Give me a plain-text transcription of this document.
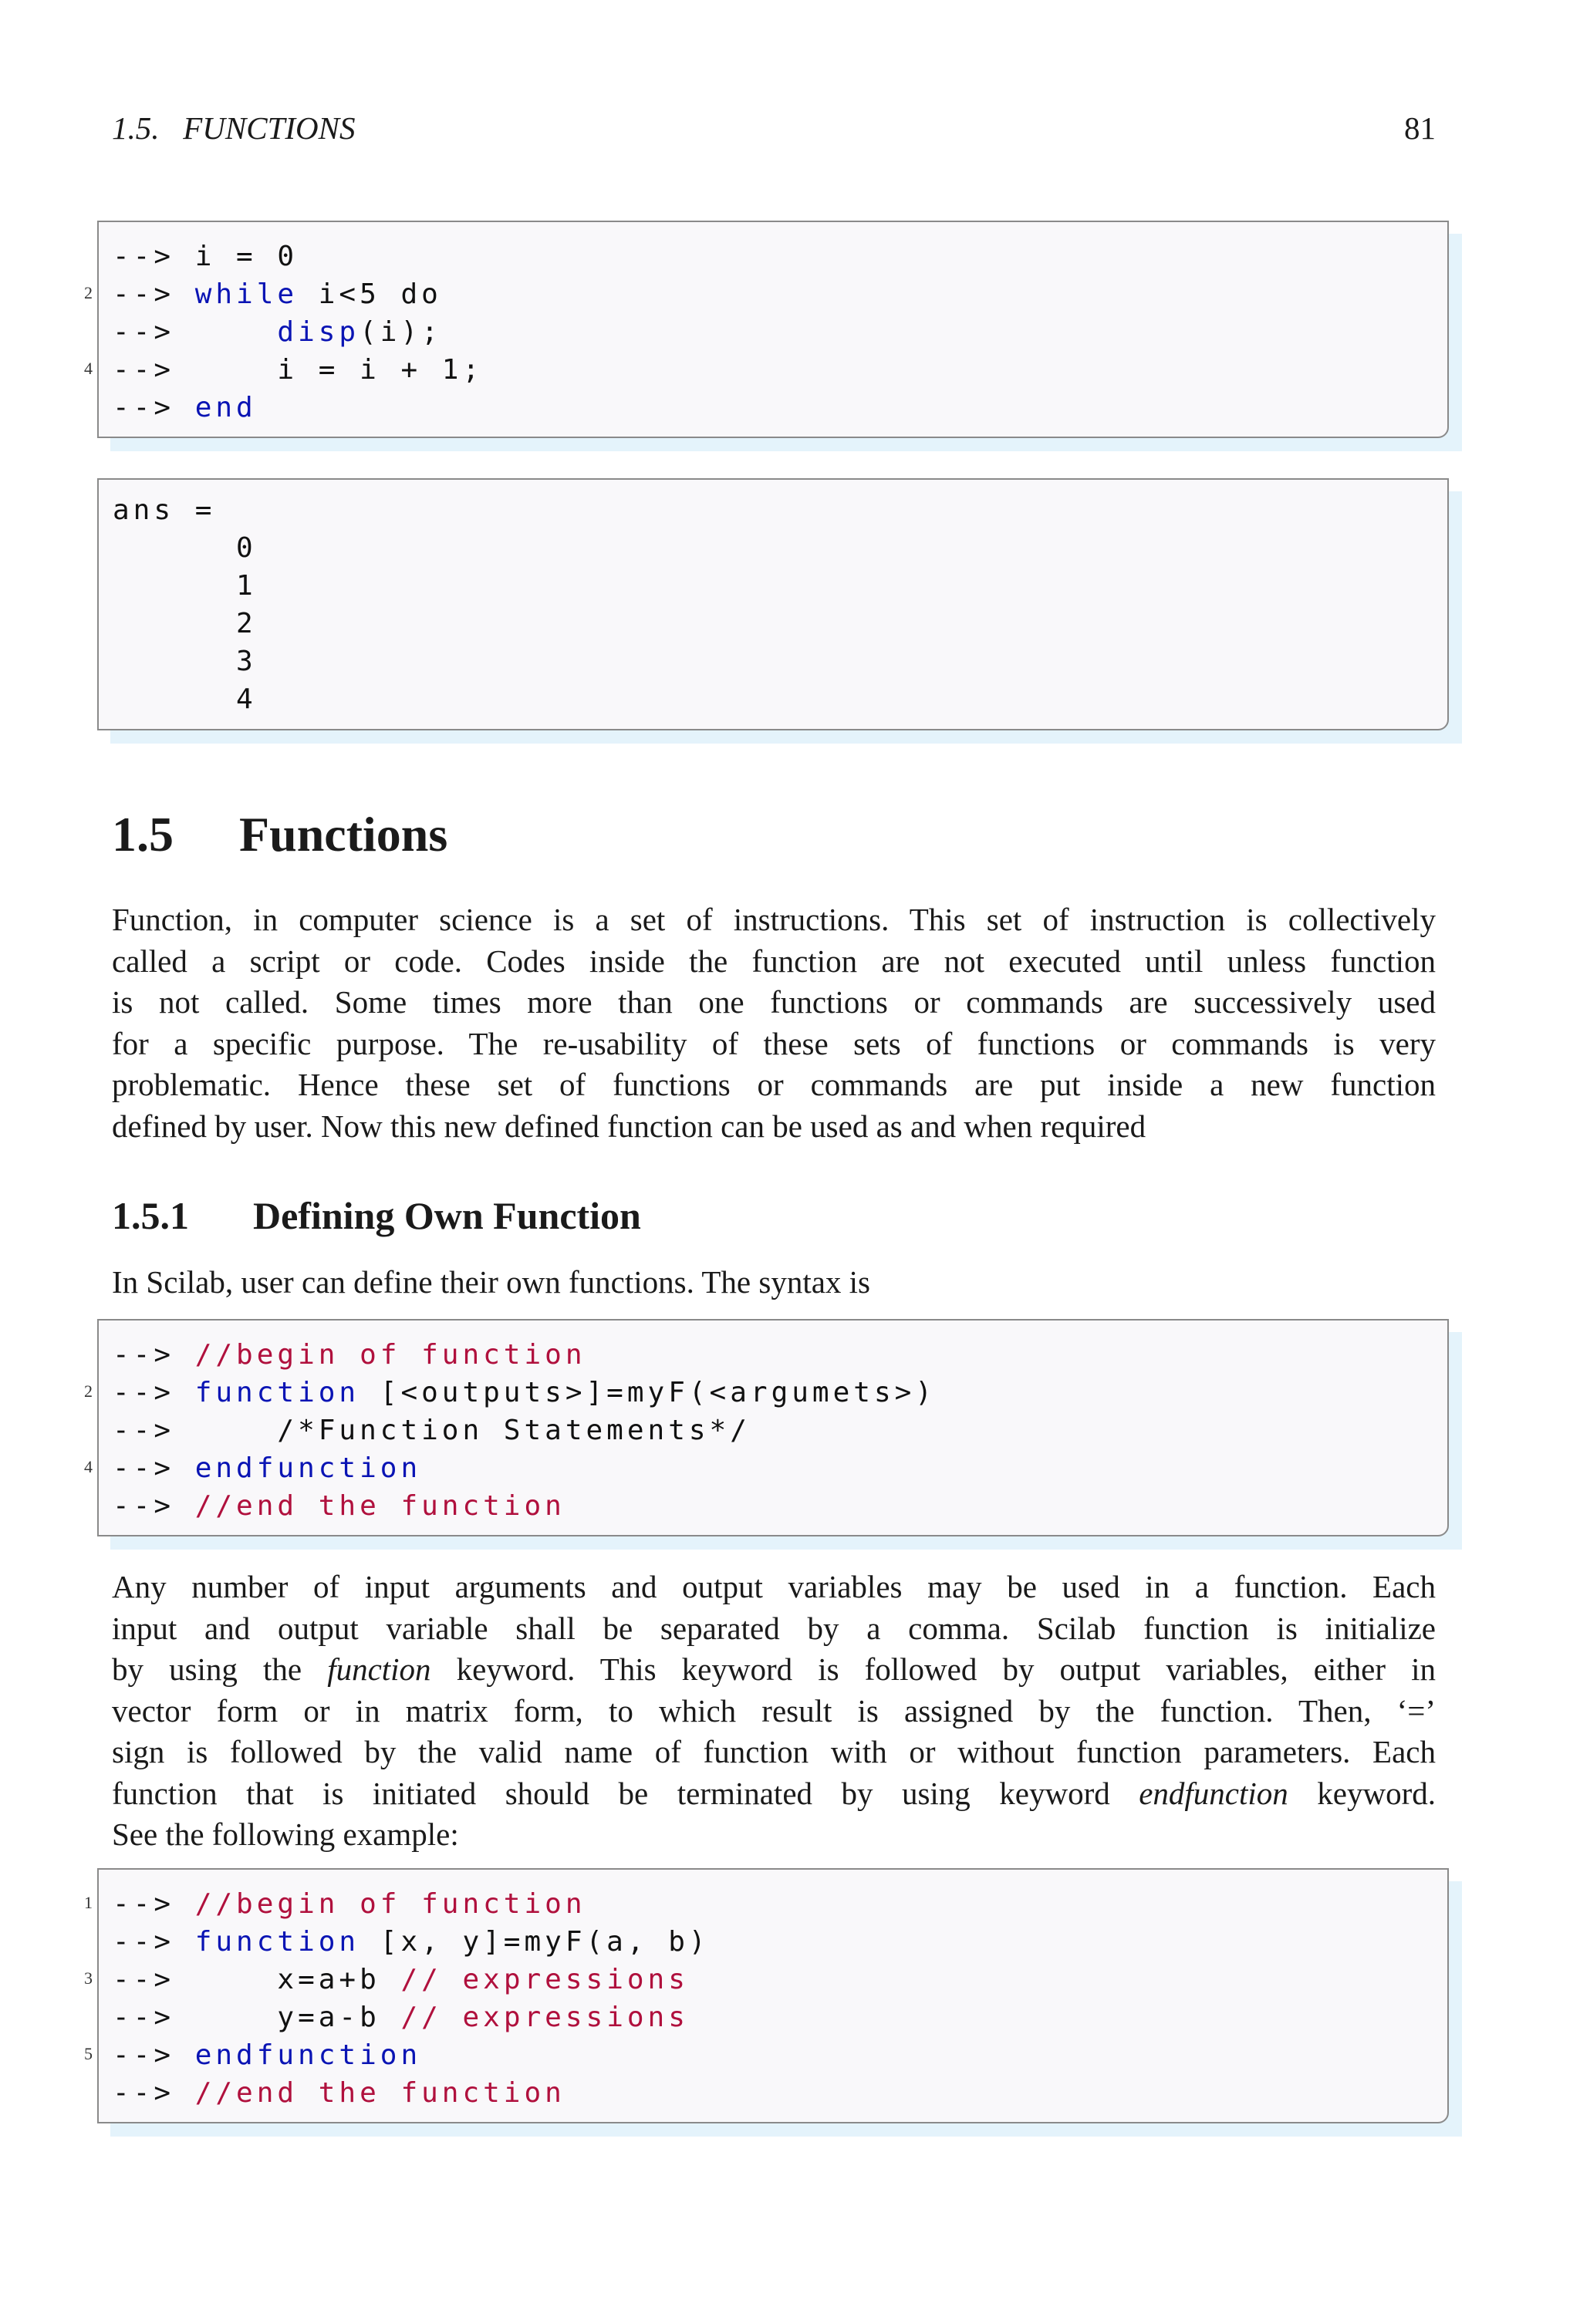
1.5.   FUNCTIONS	81
--> i = 0
--> while i<5 do
-->	disp(i);
-->     i = i + 1;
--> end
2
4
ans =
0
1
2
3
4
1.5 Functions
Function, in computer science is a set of instructions. This set of instruction is collectively
called a script or code. Codes inside the function are not executed until unless function
is not called. Some times more than one functions or commands are successively used
for a specific purpose. The re-usability of these sets of functions or commands is very
problematic. Hence these set of functions or commands are put inside a new function
defined by user. Now this new defined function can be used as and when required
1.5.1 Defining Own Function
In Scilab, user can define their own functions. The syntax is
--> //begin of function
--> function [<outputs>]=myF(<argumets>)
-->     /*Function Statements*/
--> endfunction
--> //end the function
2
4
Any number of input arguments and output variables may be used in a function. Each
input and output variable shall be separated by a comma. Scilab function is initialize
by using the function keyword. This keyword is followed by output variables, either in
vector form or in matrix form, to which result is assigned by the function. Then, ‘=’
sign is followed by the valid name of function with or without function parameters. Each
function that is initiated should be terminated by using keyword endfunction keyword.
See the following example:
--> //begin of function
--> function [x, y]=myF(a, b)
-->     x=a+b // expressions
-->     y=a-b // expressions
--> endfunction
--> //end the function
1
3
5
